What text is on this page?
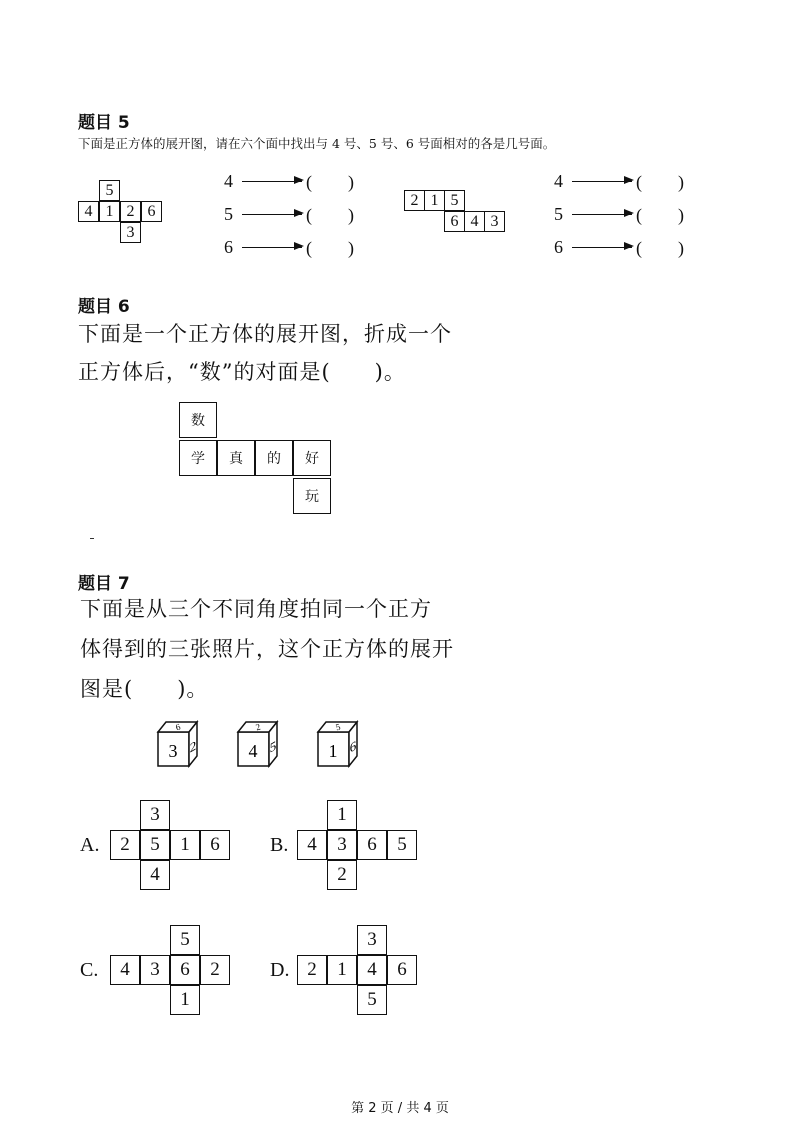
题目 5
下面是正方体的展开图，请在六个面中找出与 4 号、5 号、6 号面相对的各是几号面。
5
4 1 2 6
3
4	(　　)
5	(　　)
6	(　　)
2 1 5
6 4 3
4	(　　)
5	(　　)
6	(　　)
题目 6
下面是一个正方体的展开图，折成一个
正方体后，“数”的对面是(　　)。
数
学	真	的	好
玩
题目 7
下面是从三个不同角度拍同一个正方
体得到的三张照片，这个正方体的展开
图是(　　)。
6
3 2
2
4 5
5
1 6
A.
3
2	5	1	6
4
B.
1
4	3	6	5
2
C.
5
4	3	6	2
1
D.
3
2	1	4	6
5
第 2 页 / 共 4 页
